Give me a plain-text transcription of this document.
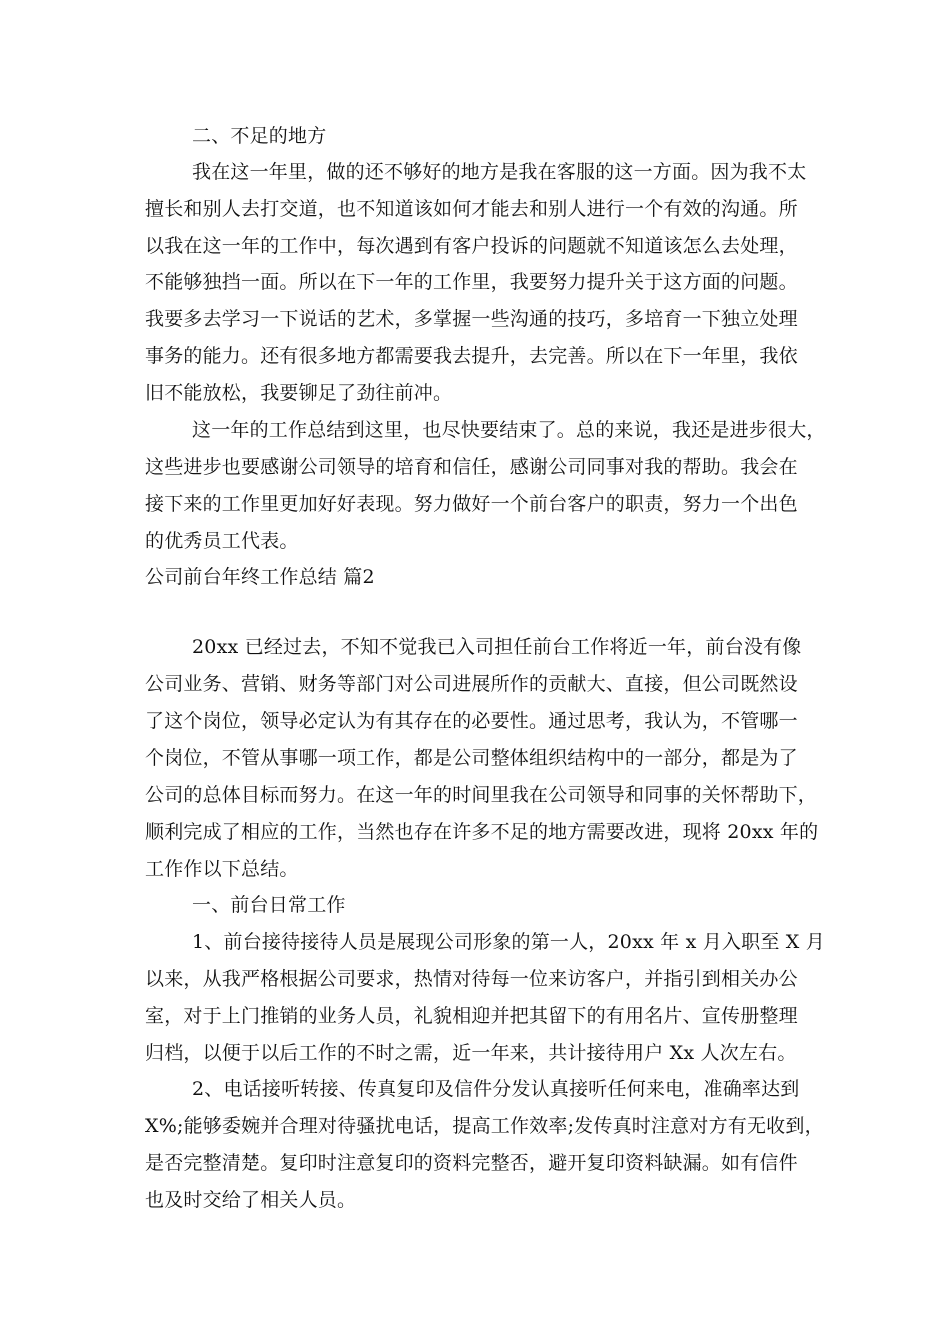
二、不足的地方
我在这一年里，做的还不够好的地方是我在客服的这一方面。因为我不太
擅长和别人去打交道，也不知道该如何才能去和别人进行一个有效的沟通。所
以我在这一年的工作中，每次遇到有客户投诉的问题就不知道该怎么去处理，
不能够独挡一面。所以在下一年的工作里，我要努力提升关于这方面的问题。
我要多去学习一下说话的艺术，多掌握一些沟通的技巧，多培育一下独立处理
事务的能力。还有很多地方都需要我去提升，去完善。所以在下一年里，我依
旧不能放松，我要铆足了劲往前冲。
这一年的工作总结到这里，也尽快要结束了。总的来说，我还是进步很大，
这些进步也要感谢公司领导的培育和信任，感谢公司同事对我的帮助。我会在
接下来的工作里更加好好表现。努力做好一个前台客户的职责，努力一个出色
的优秀员工代表。
公司前台年终工作总结 篇2
20xx 已经过去，不知不觉我已入司担任前台工作将近一年，前台没有像
公司业务、营销、财务等部门对公司进展所作的贡献大、直接，但公司既然设
了这个岗位，领导必定认为有其存在的必要性。通过思考，我认为，不管哪一
个岗位，不管从事哪一项工作，都是公司整体组织结构中的一部分，都是为了
公司的总体目标而努力。在这一年的时间里我在公司领导和同事的关怀帮助下，
顺利完成了相应的工作，当然也存在许多不足的地方需要改进，现将 20xx 年的
工作作以下总结。
一、前台日常工作
1、前台接待接待人员是展现公司形象的第一人，20xx 年 x 月入职至 X 月
以来，从我严格根据公司要求，热情对待每一位来访客户，并指引到相关办公
室，对于上门推销的业务人员，礼貌相迎并把其留下的有用名片、宣传册整理
归档，以便于以后工作的不时之需，近一年来，共计接待用户 Xx 人次左右。
2、电话接听转接、传真复印及信件分发认真接听任何来电，准确率达到
X%;能够委婉并合理对待骚扰电话，提高工作效率;发传真时注意对方有无收到，
是否完整清楚。复印时注意复印的资料完整否，避开复印资料缺漏。如有信件
也及时交给了相关人员。
